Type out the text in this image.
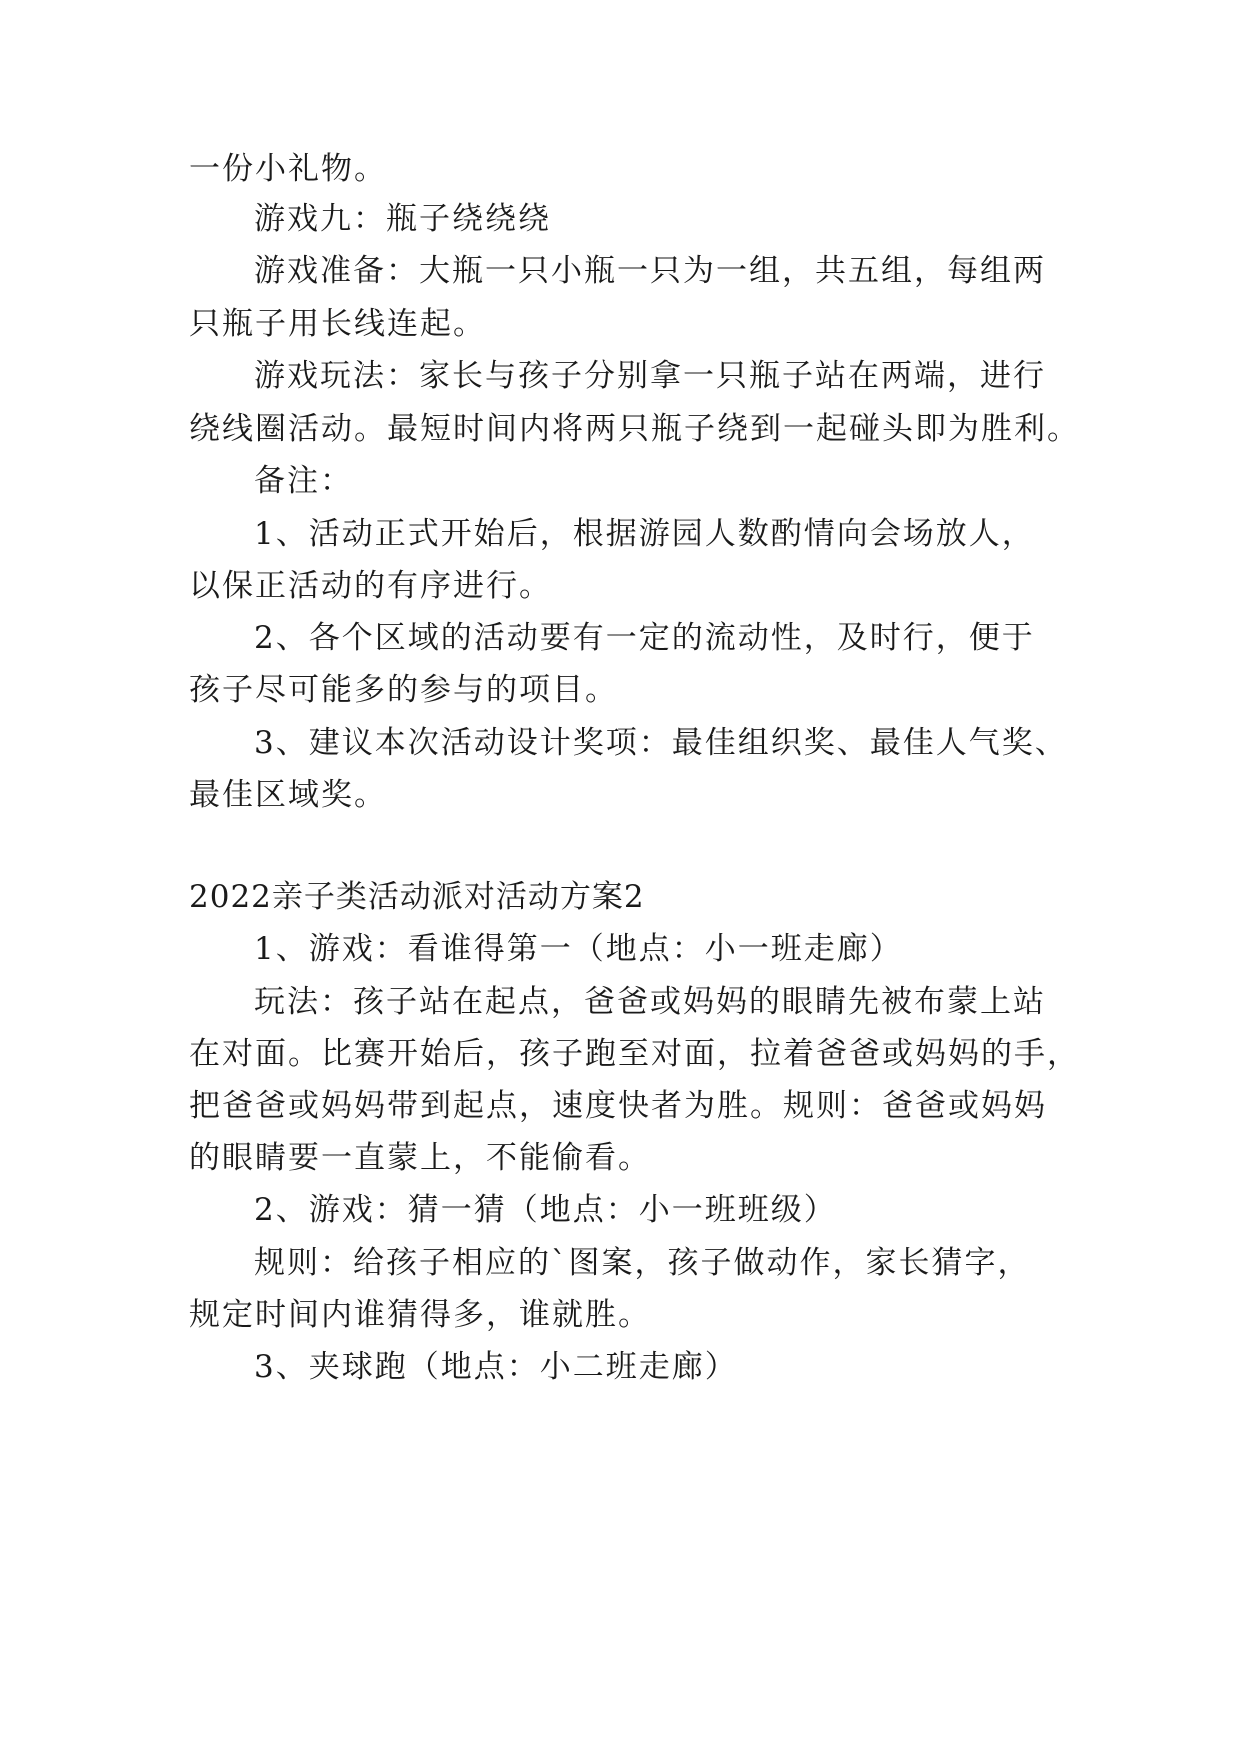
一份小礼物。
游戏九：瓶子绕绕绕
游戏准备：大瓶一只小瓶一只为一组，共五组，每组两
只瓶子用长线连起。
游戏玩法：家长与孩子分别拿一只瓶子站在两端，进行
绕线圈活动。最短时间内将两只瓶子绕到一起碰头即为胜利。
备注：
1、活动正式开始后，根据游园人数酌情向会场放人，
以保正活动的有序进行。
2、各个区域的活动要有一定的流动性，及时行，便于
孩子尽可能多的参与的项目。
3、建议本次活动设计奖项：最佳组织奖、最佳人气奖、
最佳区域奖。
2022亲子类活动派对活动方案2
1、游戏：看谁得第一（地点：小一班走廊）
玩法：孩子站在起点，爸爸或妈妈的眼睛先被布蒙上站
在对面。比赛开始后，孩子跑至对面，拉着爸爸或妈妈的手，
把爸爸或妈妈带到起点，速度快者为胜。规则：爸爸或妈妈
的眼睛要一直蒙上，不能偷看。
2、游戏：猜一猜（地点：小一班班级）
规则：给孩子相应的`图案，孩子做动作，家长猜字，
规定时间内谁猜得多，谁就胜。
3、夹球跑（地点：小二班走廊）
